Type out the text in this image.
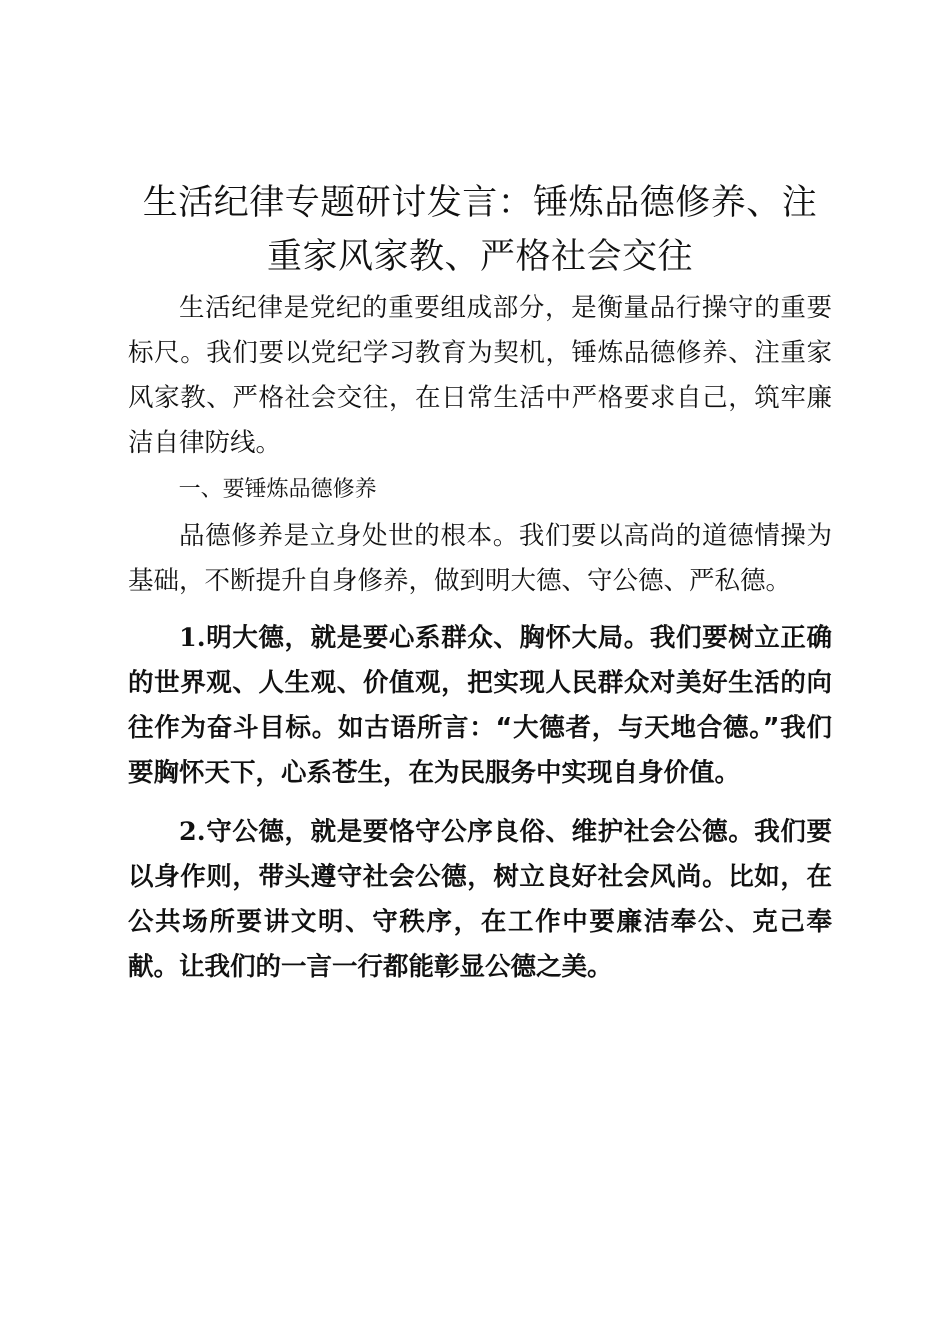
生活纪律专题研讨发言：锤炼品德修养、注重家风家教、严格社会交往

生活纪律是党纪的重要组成部分，是衡量品行操守的重要标尺。我们要以党纪学习教育为契机，锤炼品德修养、注重家风家教、严格社会交往，在日常生活中严格要求自己，筑牢廉洁自律防线。

一、要锤炼品德修养

品德修养是立身处世的根本。我们要以高尚的道德情操为基础，不断提升自身修养，做到明大德、守公德、严私德。

1.明大德，就是要心系群众、胸怀大局。我们要树立正确的世界观、人生观、价值观，把实现人民群众对美好生活的向往作为奋斗目标。如古语所言：“大德者，与天地合德。”我们要胸怀天下，心系苍生，在为民服务中实现自身价值。

2.守公德，就是要恪守公序良俗、维护社会公德。我们要以身作则，带头遵守社会公德，树立良好社会风尚。比如，在公共场所要讲文明、守秩序，在工作中要廉洁奉公、克己奉献。让我们的一言一行都能彰显公德之美。
